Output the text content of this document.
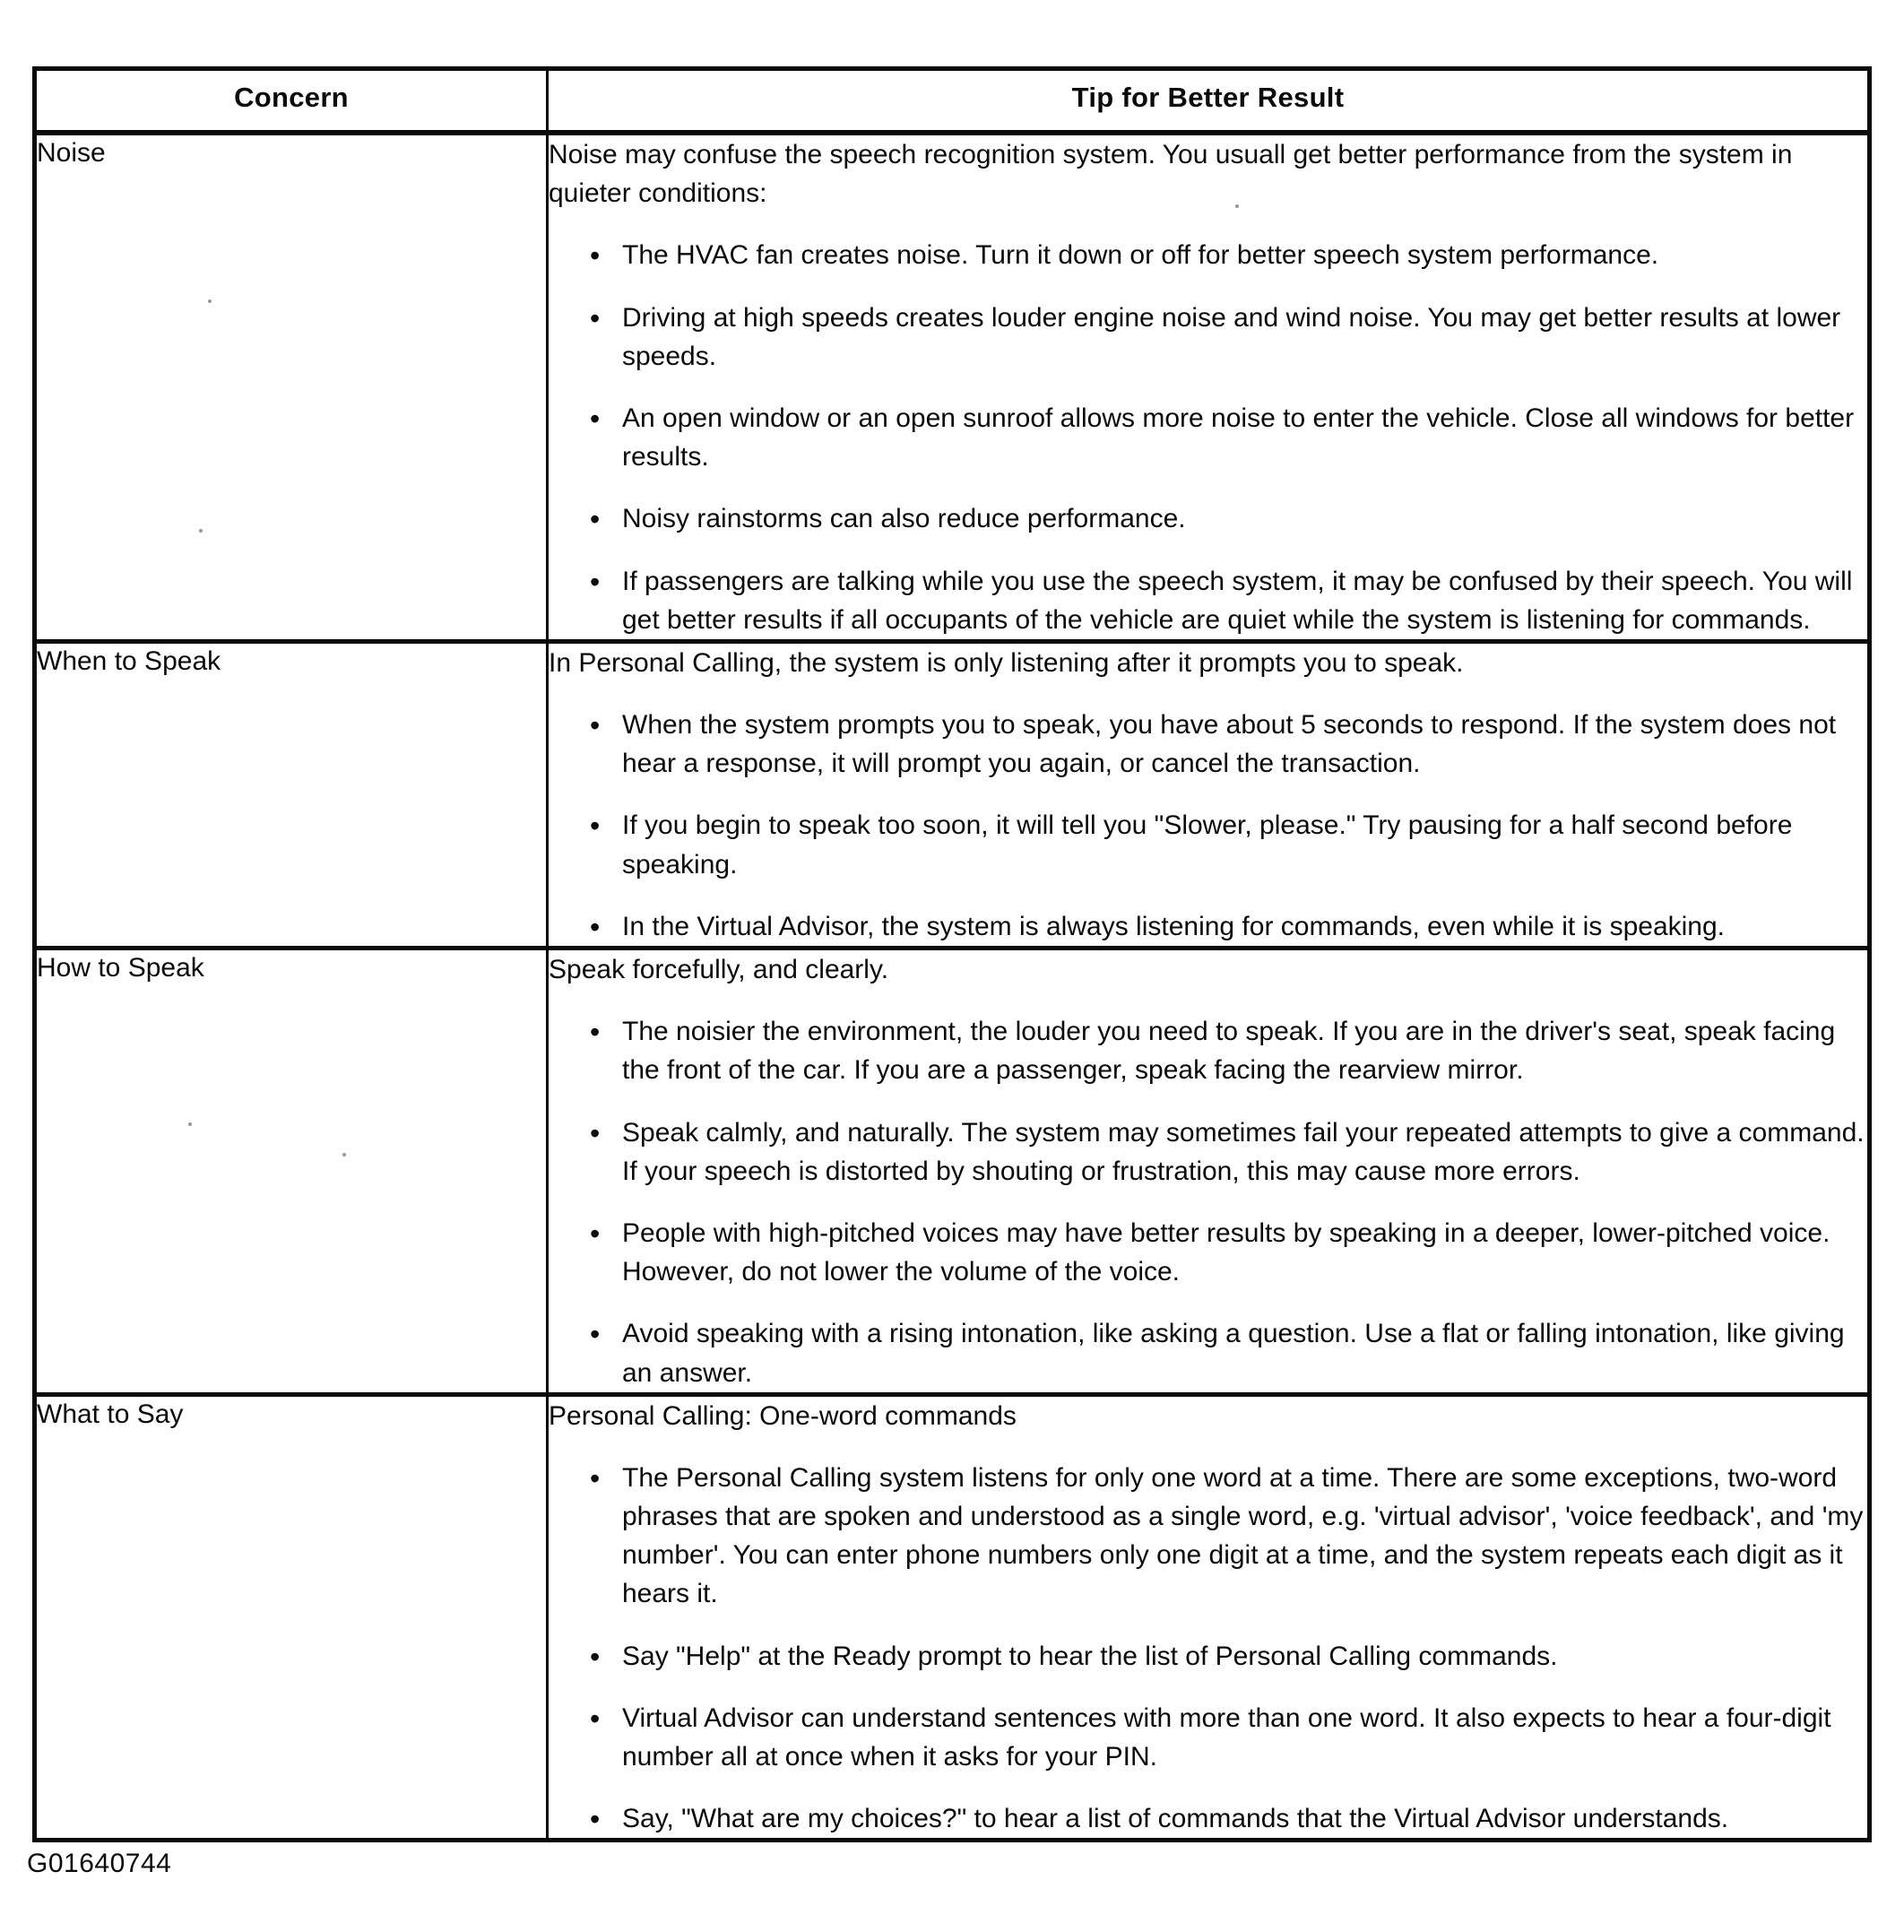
Concern	Tip for Better Result
Noise	Noise may confuse the speech recognition system. You usuall get better performance from the system in quieter conditions:

• The HVAC fan creates noise. Turn it down or off for better speech system performance.
• Driving at high speeds creates louder engine noise and wind noise. You may get better results at lower speeds.
• An open window or an open sunroof allows more noise to enter the vehicle. Close all windows for better results.
• Noisy rainstorms can also reduce performance.
• If passengers are talking while you use the speech system, it may be confused by their speech. You will get better results if all occupants of the vehicle are quiet while the system is listening for commands.

When to Speak	In Personal Calling, the system is only listening after it prompts you to speak.

• When the system prompts you to speak, you have about 5 seconds to respond. If the system does not hear a response, it will prompt you again, or cancel the transaction.
• If you begin to speak too soon, it will tell you "Slower, please." Try pausing for a half second before speaking.
• In the Virtual Advisor, the system is always listening for commands, even while it is speaking.

How to Speak	Speak forcefully, and clearly.

• The noisier the environment, the louder you need to speak. If you are in the driver's seat, speak facing the front of the car. If you are a passenger, speak facing the rearview mirror.
• Speak calmly, and naturally. The system may sometimes fail your repeated attempts to give a command. If your speech is distorted by shouting or frustration, this may cause more errors.
• People with high-pitched voices may have better results by speaking in a deeper, lower-pitched voice. However, do not lower the volume of the voice.
• Avoid speaking with a rising intonation, like asking a question. Use a flat or falling intonation, like giving an answer.

What to Say	Personal Calling: One-word commands

• The Personal Calling system listens for only one word at a time. There are some exceptions, two-word phrases that are spoken and understood as a single word, e.g. 'virtual advisor', 'voice feedback', and 'my number'. You can enter phone numbers only one digit at a time, and the system repeats each digit as it hears it.
• Say "Help" at the Ready prompt to hear the list of Personal Calling commands.
• Virtual Advisor can understand sentences with more than one word. It also expects to hear a four-digit number all at once when it asks for your PIN.
• Say, "What are my choices?" to hear a list of commands that the Virtual Advisor understands.
G01640744
